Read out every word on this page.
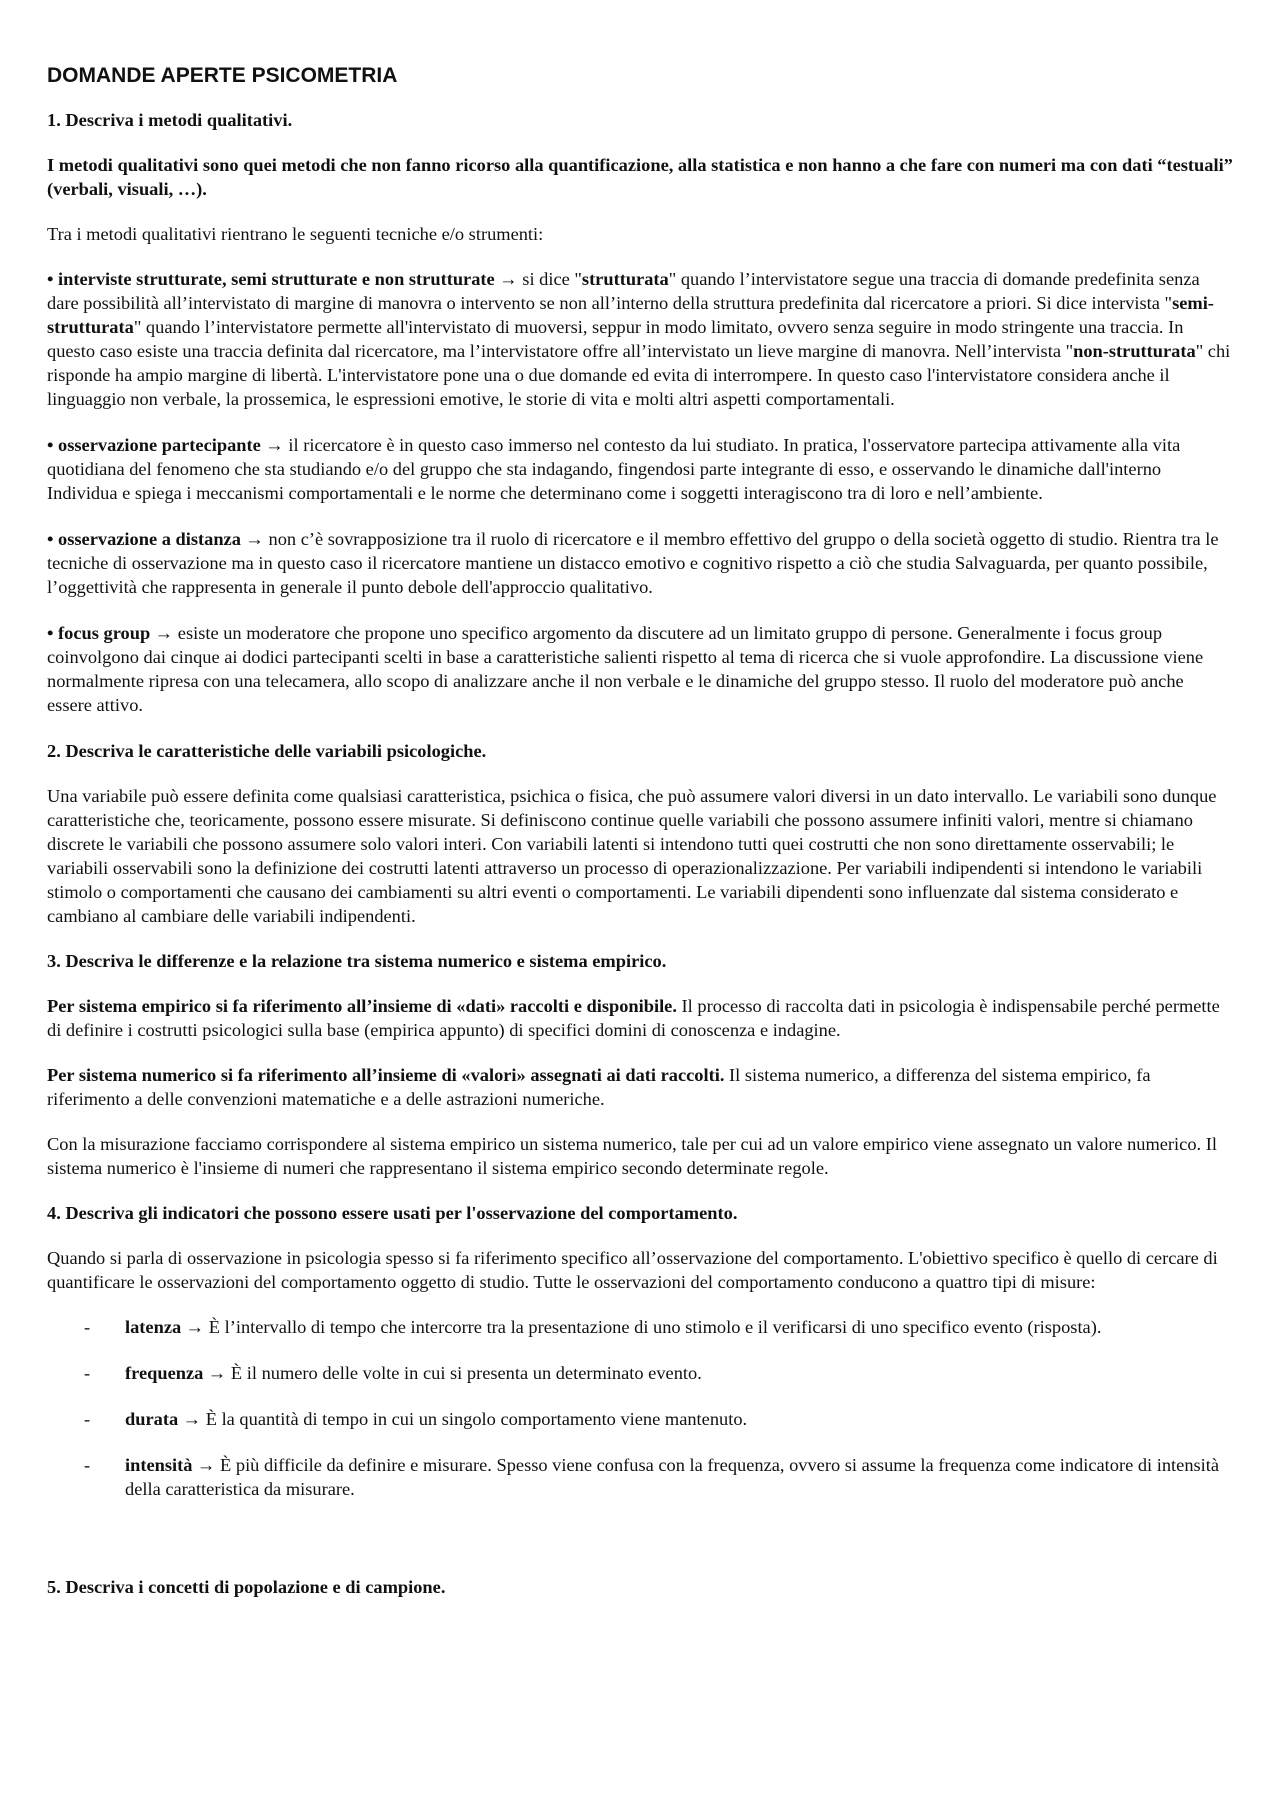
DOMANDE APERTE PSICOMETRIA
1. Descriva i metodi qualitativi.

I metodi qualitativi sono quei metodi che non fanno ricorso alla quantificazione, alla statistica e non hanno a che fare con numeri ma con dati “testuali” (verbali, visuali, …).

Tra i metodi qualitativi rientrano le seguenti tecniche e/o strumenti:

• interviste strutturate, semi strutturate e non strutturate → si dice "strutturata" quando l’intervistatore segue una traccia di domande predefinita senza dare possibilità all’intervistato di margine di manovra o intervento se non all’interno della struttura predefinita dal ricercatore a priori. Si dice intervista "semi-strutturata" quando l’intervistatore permette all'intervistato di muoversi, seppur in modo limitato, ovvero senza seguire in modo stringente una traccia. In questo caso esiste una traccia definita dal ricercatore, ma l’intervistatore offre all’intervistato un lieve margine di manovra. Nell’intervista "non-strutturata" chi risponde ha ampio margine di libertà. L'intervistatore pone una o due domande ed evita di interrompere. In questo caso l'intervistatore considera anche il linguaggio non verbale, la prossemica, le espressioni emotive, le storie di vita e molti altri aspetti comportamentali.
• osservazione partecipante → il ricercatore è in questo caso immerso nel contesto da lui studiato. In pratica, l'osservatore partecipa attivamente alla vita quotidiana del fenomeno che sta studiando e/o del gruppo che sta indagando, fingendosi parte integrante di esso, e osservando le dinamiche dall'interno Individua e spiega i meccanismi comportamentali e le norme che determinano come i soggetti interagiscono tra di loro e nell’ambiente.
• osservazione a distanza → non c’è sovrapposizione tra il ruolo di ricercatore e il membro effettivo del gruppo o della società oggetto di studio. Rientra tra le tecniche di osservazione ma in questo caso il ricercatore mantiene un distacco emotivo e cognitivo rispetto a ciò che studia Salvaguarda, per quanto possibile, l’oggettività che rappresenta in generale il punto debole dell'approccio qualitativo.
• focus group → esiste un moderatore che propone uno specifico argomento da discutere ad un limitato gruppo di persone. Generalmente i focus group coinvolgono dai cinque ai dodici partecipanti scelti in base a caratteristiche salienti rispetto al tema di ricerca che si vuole approfondire. La discussione viene normalmente ripresa con una telecamera, allo scopo di analizzare anche il non verbale e le dinamiche del gruppo stesso. Il ruolo del moderatore può anche essere attivo.
2. Descriva le caratteristiche delle variabili psicologiche.

Una variabile può essere definita come qualsiasi caratteristica, psichica o fisica, che può assumere valori diversi in un dato intervallo. Le variabili sono dunque caratteristiche che, teoricamente, possono essere misurate. Si definiscono continue quelle variabili che possono assumere infiniti valori, mentre si chiamano discrete le variabili che possono assumere solo valori interi. Con variabili latenti si intendono tutti quei costrutti che non sono direttamente osservabili; le variabili osservabili sono la definizione dei costrutti latenti attraverso un processo di operazionalizzazione. Per variabili indipendenti si intendono le variabili stimolo o comportamenti che causano dei cambiamenti su altri eventi o comportamenti. Le variabili dipendenti sono influenzate dal sistema considerato e cambiano al cambiare delle variabili indipendenti.

3. Descriva le differenze e la relazione tra sistema numerico e sistema empirico.

Per sistema empirico si fa riferimento all’insieme di «dati» raccolti e disponibile. Il processo di raccolta dati in psicologia è indispensabile perché permette di definire i costrutti psicologici sulla base (empirica appunto) di specifici domini di conoscenza e indagine.

Per sistema numerico si fa riferimento all’insieme di «valori» assegnati ai dati raccolti. Il sistema numerico, a differenza del sistema empirico, fa riferimento a delle convenzioni matematiche e a delle astrazioni numeriche.

Con la misurazione facciamo corrispondere al sistema empirico un sistema numerico, tale per cui ad un valore empirico viene assegnato un valore numerico. Il sistema numerico è l'insieme di numeri che rappresentano il sistema empirico secondo determinate regole.

4. Descriva gli indicatori che possono essere usati per l'osservazione del comportamento.

Quando si parla di osservazione in psicologia spesso si fa riferimento specifico all’osservazione del comportamento. L'obiettivo specifico è quello di cercare di quantificare le osservazioni del comportamento oggetto di studio. Tutte le osservazioni del comportamento conducono a quattro tipi di misure:

- latenza → È l’intervallo di tempo che intercorre tra la presentazione di uno stimolo e il verificarsi di uno specifico evento (risposta).
- frequenza → È il numero delle volte in cui si presenta un determinato evento.
- durata → È la quantità di tempo in cui un singolo comportamento viene mantenuto.
- intensità → È più difficile da definire e misurare. Spesso viene confusa con la frequenza, ovvero si assume la frequenza come indicatore di intensità della caratteristica da misurare.
5. Descriva i concetti di popolazione e di campione.
